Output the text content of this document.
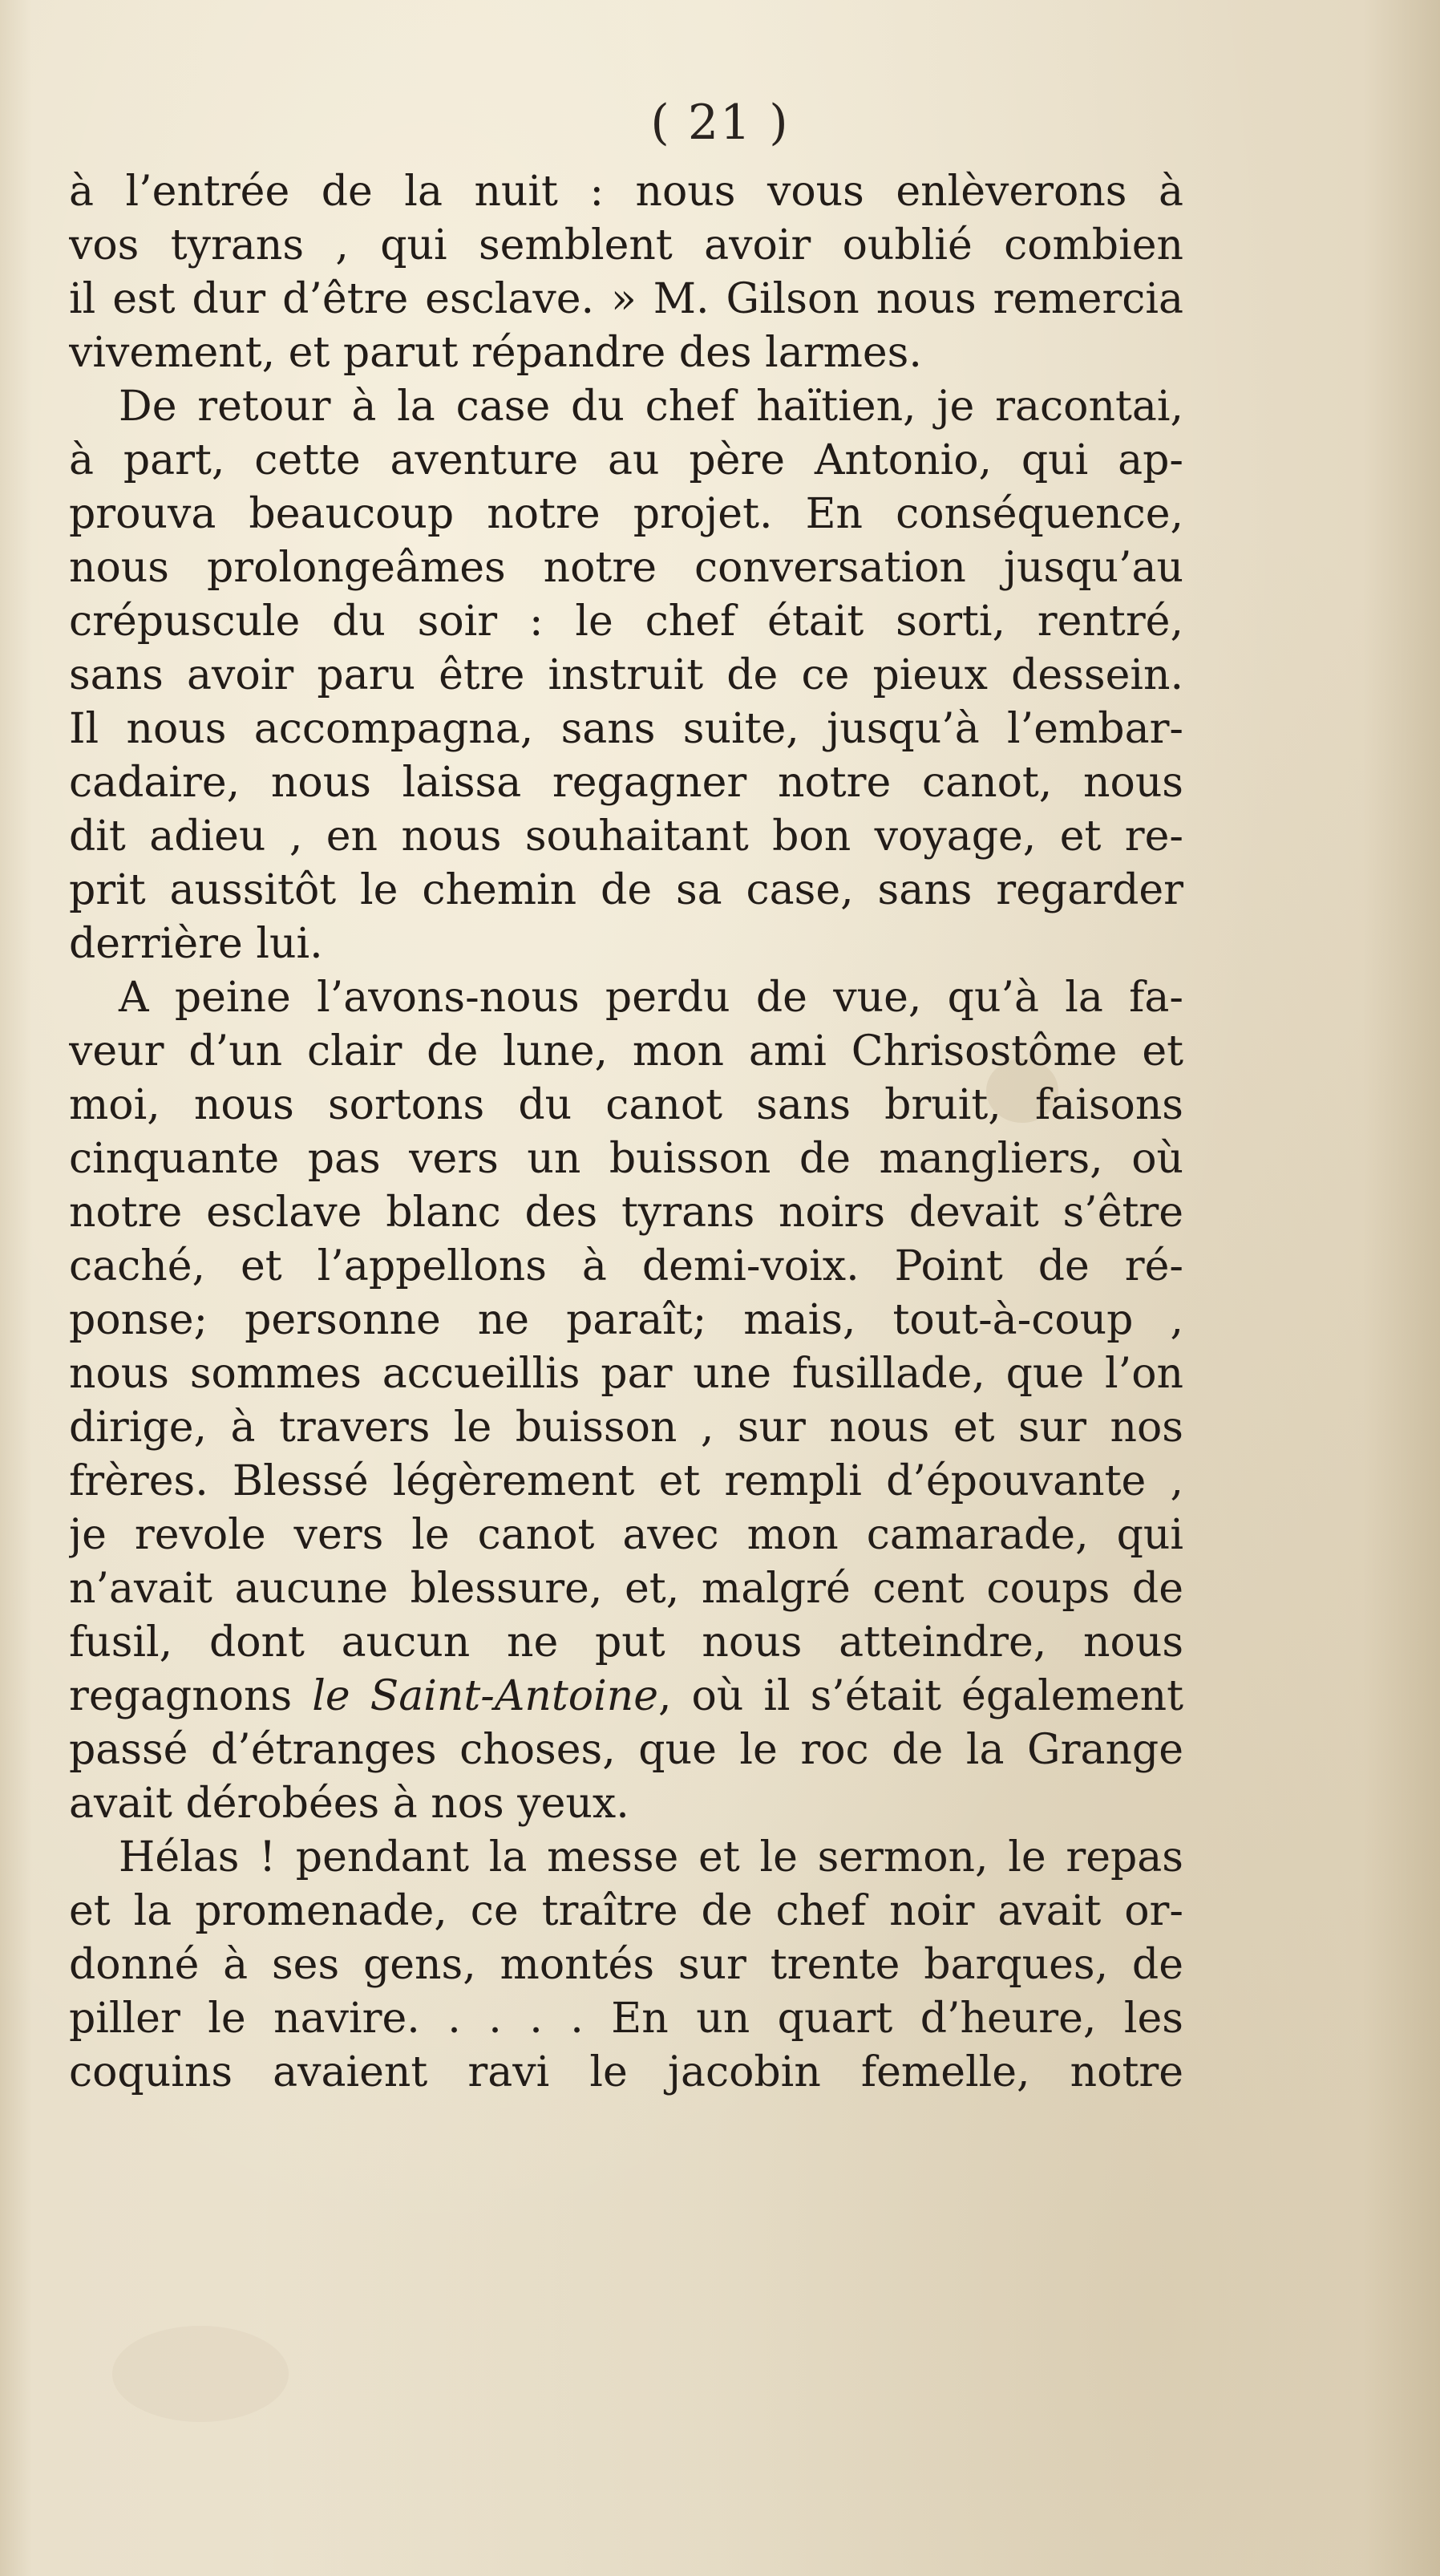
( 21 )
à l’entrée de la nuit : nous vous enlèverons à
vos tyrans , qui semblent avoir oublié combien
il est dur d’être esclave. » M. Gilson nous remercia
vivement, et parut répandre des larmes.
De retour à la case du chef haïtien, je racontai,
à part, cette aventure au père Antonio, qui ap-
prouva beaucoup notre projet. En conséquence,
nous prolongeâmes notre conversation jusqu’au
crépuscule du soir : le chef était sorti, rentré,
sans avoir paru être instruit de ce pieux dessein.
Il nous accompagna, sans suite, jusqu’à l’embar-
cadaire, nous laissa regagner notre canot, nous
dit adieu , en nous souhaitant bon voyage, et re-
prit aussitôt le chemin de sa case, sans regarder
derrière lui.
A peine l’avons-nous perdu de vue, qu’à la fa-
veur d’un clair de lune, mon ami Chrisostôme et
moi, nous sortons du canot sans bruit, faisons
cinquante pas vers un buisson de mangliers, où
notre esclave blanc des tyrans noirs devait s’être
caché, et l’appellons à demi-voix. Point de ré-
ponse; personne ne paraît; mais, tout-à-coup ,
nous sommes accueillis par une fusillade, que l’on
dirige, à travers le buisson , sur nous et sur nos
frères. Blessé légèrement et rempli d’épouvante ,
je revole vers le canot avec mon camarade, qui
n’avait aucune blessure, et, malgré cent coups de
fusil, dont aucun ne put nous atteindre, nous
regagnons le Saint-Antoine, où il s’était également
passé d’étranges choses, que le roc de la Grange
avait dérobées à nos yeux.
Hélas ! pendant la messe et le sermon, le repas
et la promenade, ce traître de chef noir avait or-
donné à ses gens, montés sur trente barques, de
piller le navire. . . . . En un quart d’heure, les
coquins avaient ravi le jacobin femelle, notre
